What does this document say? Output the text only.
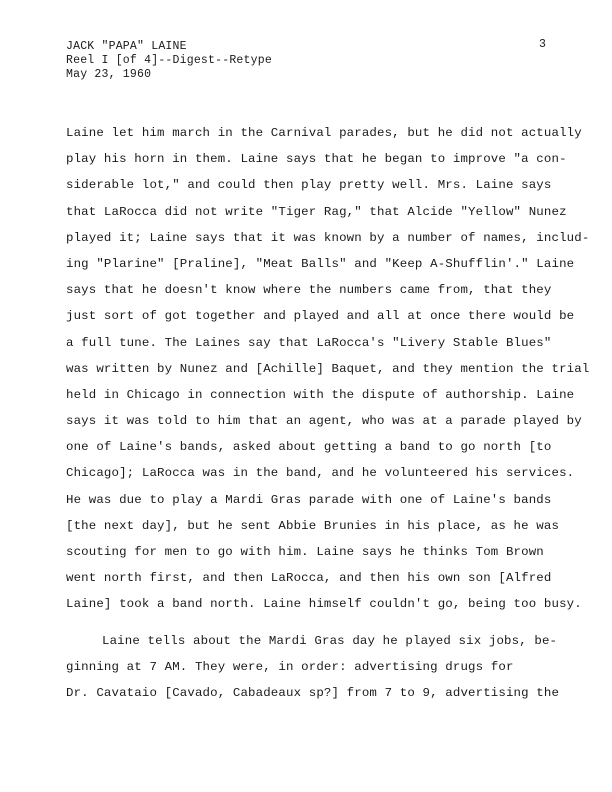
JACK "PAPA" LAINE
Reel I [of 4]--Digest--Retype
May 23, 1960
3
Laine let him march in the Carnival parades, but he did not actually
play his horn in them. Laine says that he began to improve "a con-
siderable lot," and could then play pretty well. Mrs. Laine says
that LaRocca did not write "Tiger Rag," that Alcide "Yellow" Nunez
played it; Laine says that it was known by a number of names, includ-
ing "Plarine" [Praline], "Meat Balls" and "Keep A-Shufflin'." Laine
says that he doesn't know where the numbers came from, that they
just sort of got together and played and all at once there would be
a full tune. The Laines say that LaRocca's "Livery Stable Blues"
was written by Nunez and [Achille] Baquet, and they mention the trial
held in Chicago in connection with the dispute of authorship. Laine
says it was told to him that an agent, who was at a parade played by
one of Laine's bands, asked about getting a band to go north [to
Chicago]; LaRocca was in the band, and he volunteered his services.
He was due to play a Mardi Gras parade with one of Laine's bands
[the next day], but he sent Abbie Brunies in his place, as he was
scouting for men to go with him. Laine says he thinks Tom Brown
went north first, and then LaRocca, and then his own son [Alfred
Laine] took a band north. Laine himself couldn't go, being too busy.
Laine tells about the Mardi Gras day he played six jobs, be-
ginning at 7 AM. They were, in order: advertising drugs for
Dr. Cavataio [Cavado, Cabadeaux sp?] from 7 to 9, advertising the
